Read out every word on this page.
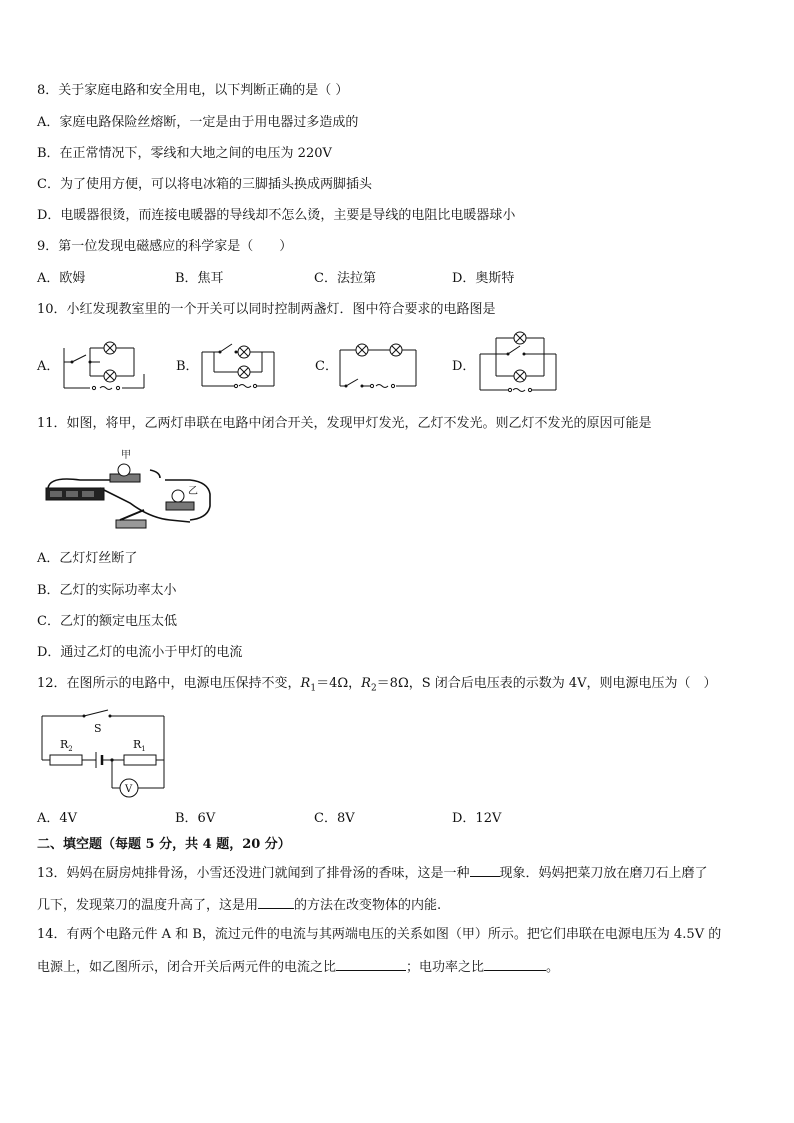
8．关于家庭电路和安全用电，以下判断正确的是（ ）
A．家庭电路保险丝熔断，一定是由于用电器过多造成的
B．在正常情况下，零线和大地之间的电压为 220V
C．为了使用方便，可以将电冰箱的三脚插头换成两脚插头
D．电暖器很烫，而连接电暖器的导线却不怎么烫，主要是导线的电阻比电暖器球小
9．第一位发现电磁感应的科学家是（　　）
A．欧姆	B．焦耳	C．法拉第	D．奥斯特
10．小红发现教室里的一个开关可以同时控制两盏灯．图中符合要求的电路图是
A．	B．	C．	D．
11．如图，将甲，乙两灯串联在电路中闭合开关，发现甲灯发光，乙灯不发光。则乙灯不发光的原因可能是
甲
乙
A．乙灯灯丝断了
B．乙灯的实际功率太小
C．乙灯的额定电压太低
D．通过乙灯的电流小于甲灯的电流
12．在图所示的电路中，电源电压保持不变，$R_1=4\Omega$，$R_2=8\Omega$，S 闭合后电压表的示数为 4V，则电源电压为（　）
S
$R_2$	$R_1$
V
A．4V	B．6V	C．8V	D．12V
二、填空题（每题 5 分，共 4 题，20 分）
13．妈妈在厨房炖排骨汤，小雪还没进门就闻到了排骨汤的香味，这是一种 现象．妈妈把菜刀放在磨刀石上磨了
几下，发现菜刀的温度升高了，这是用	的方法在改变物体的内能.
14．有两个电路元件 A 和 B，流过元件的电流与其两端电压的关系如图（甲）所示。把它们串联在电源电压为 4.5V 的
电源上，如乙图所示，闭合开关后两元件的电流之比	；电功率之比	。
